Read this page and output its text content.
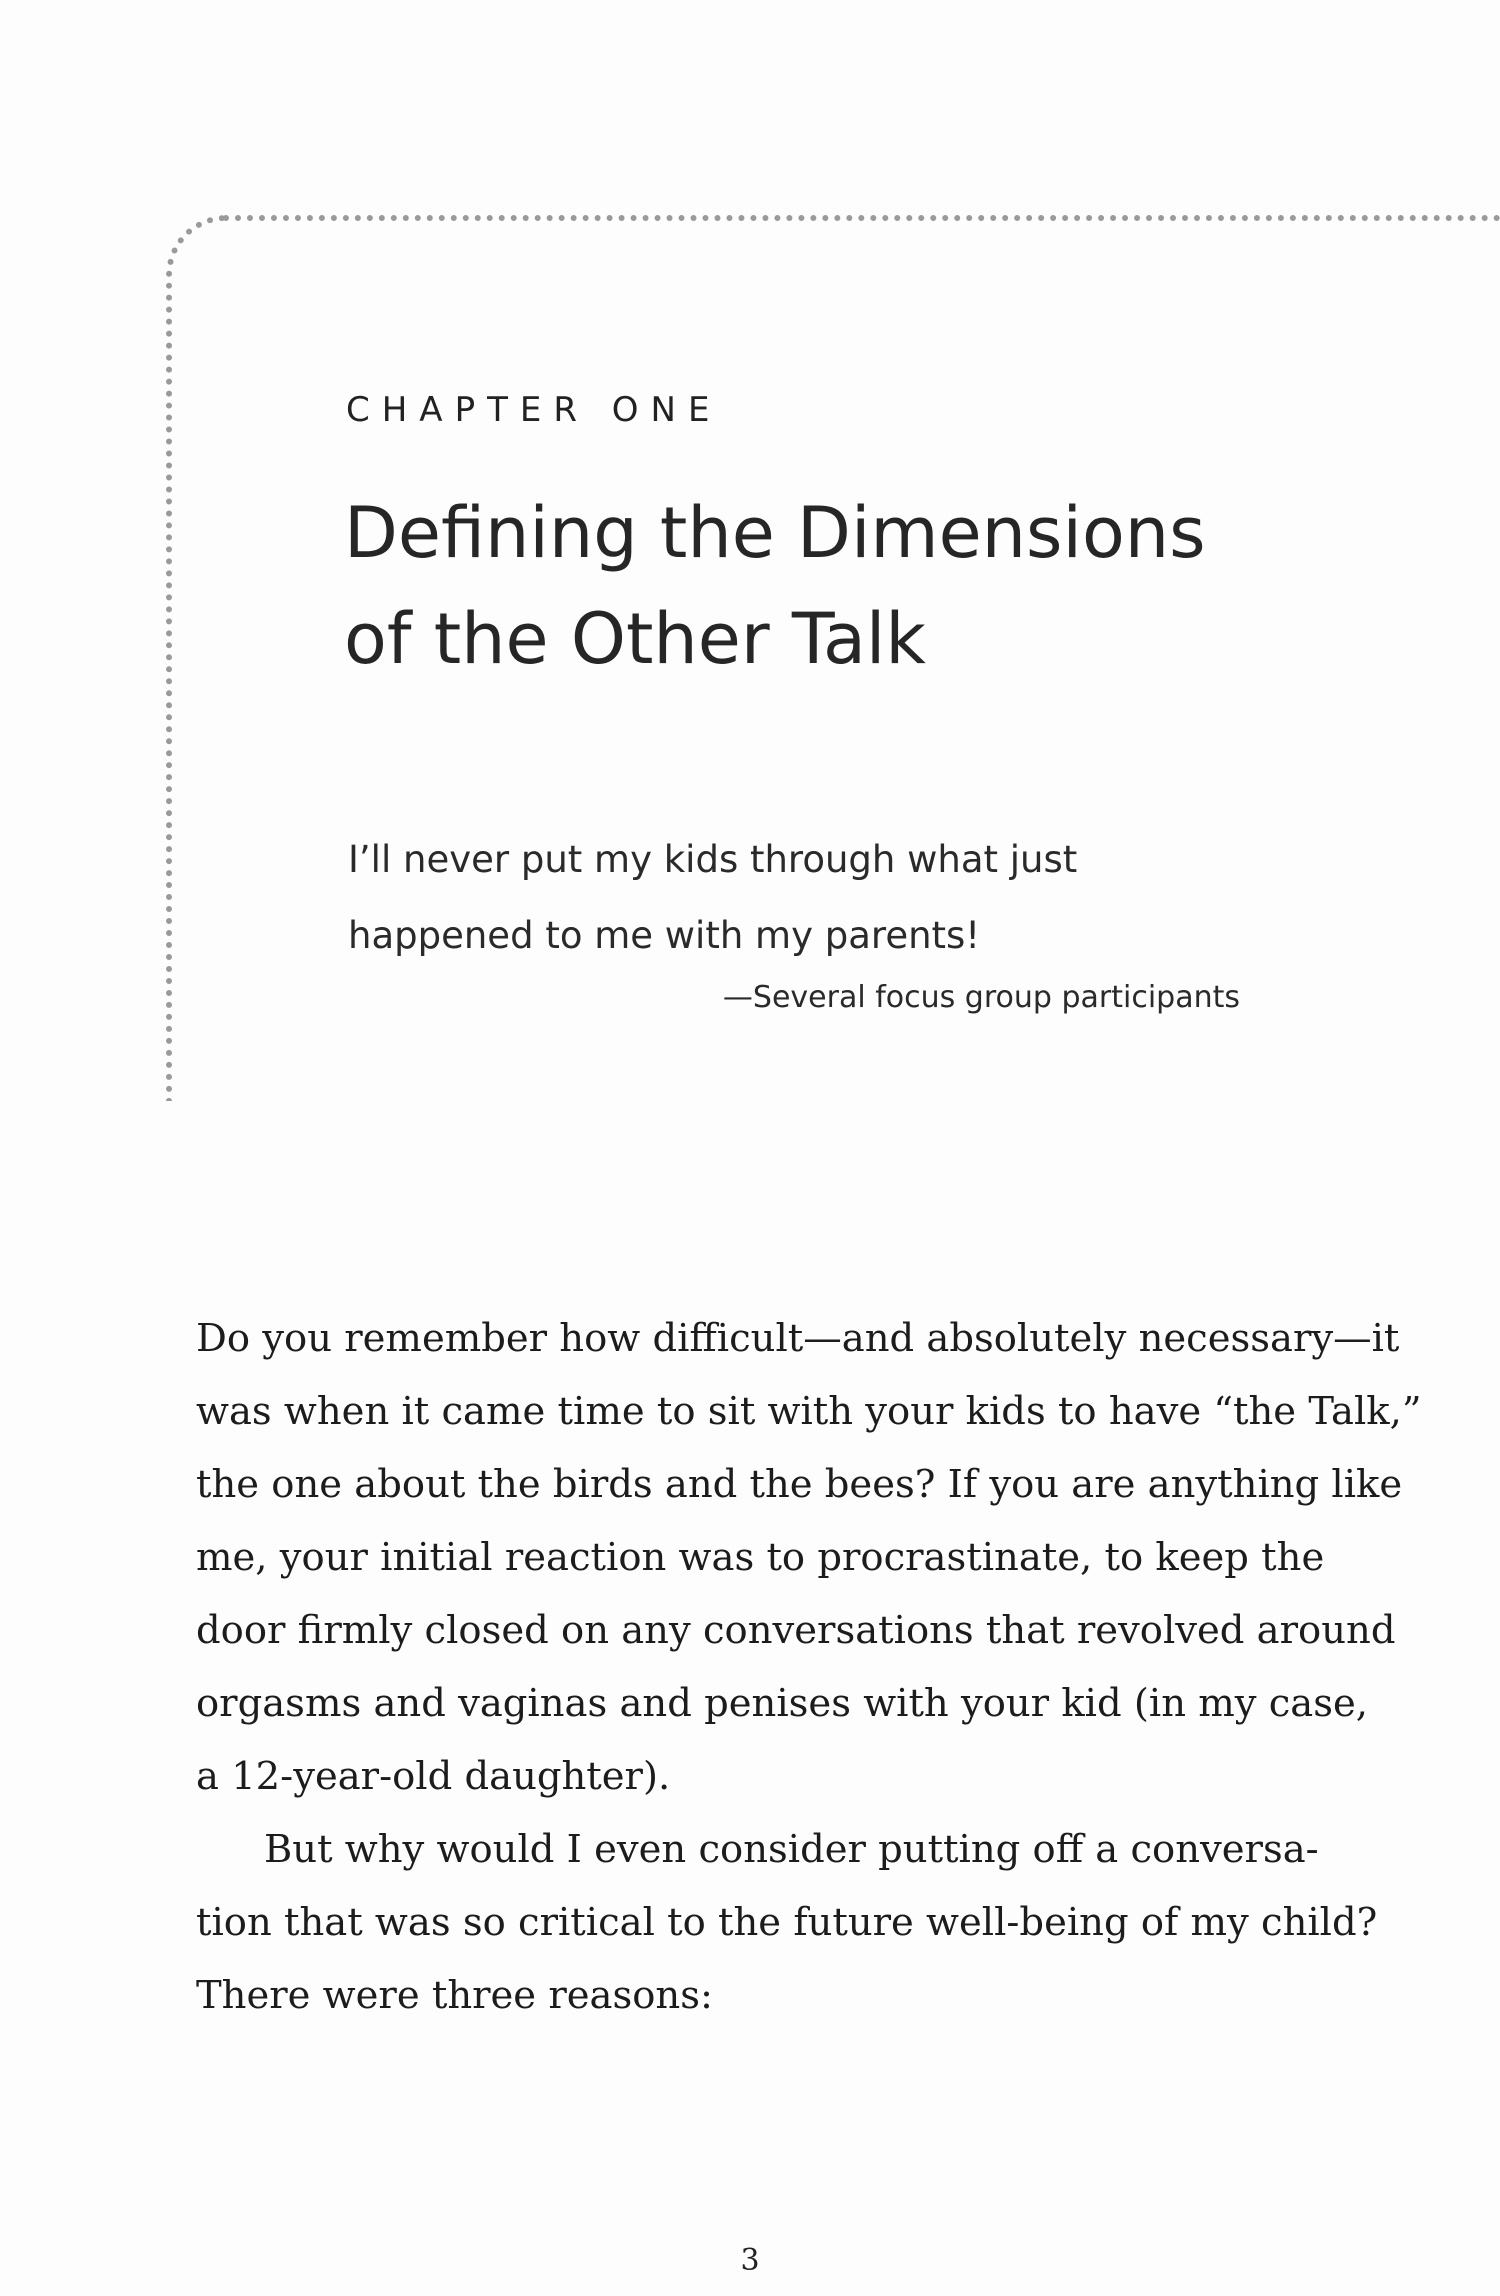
CHAPTER ONE
Defining the Dimensions
of the Other Talk
I’ll never put my kids through what just
happened to me with my parents!
—Several focus group participants

Do you remember how difficult—and absolutely necessary—it
was when it came time to sit with your kids to have “the Talk,”
the one about the birds and the bees? If you are anything like
me, your initial reaction was to procrastinate, to keep the
door firmly closed on any conversations that revolved around
orgasms and vaginas and penises with your kid (in my case,
a 12-year-old daughter).

But why would I even consider putting off a conversa-
tion that was so critical to the future well-being of my child?
There were three reasons:

3
